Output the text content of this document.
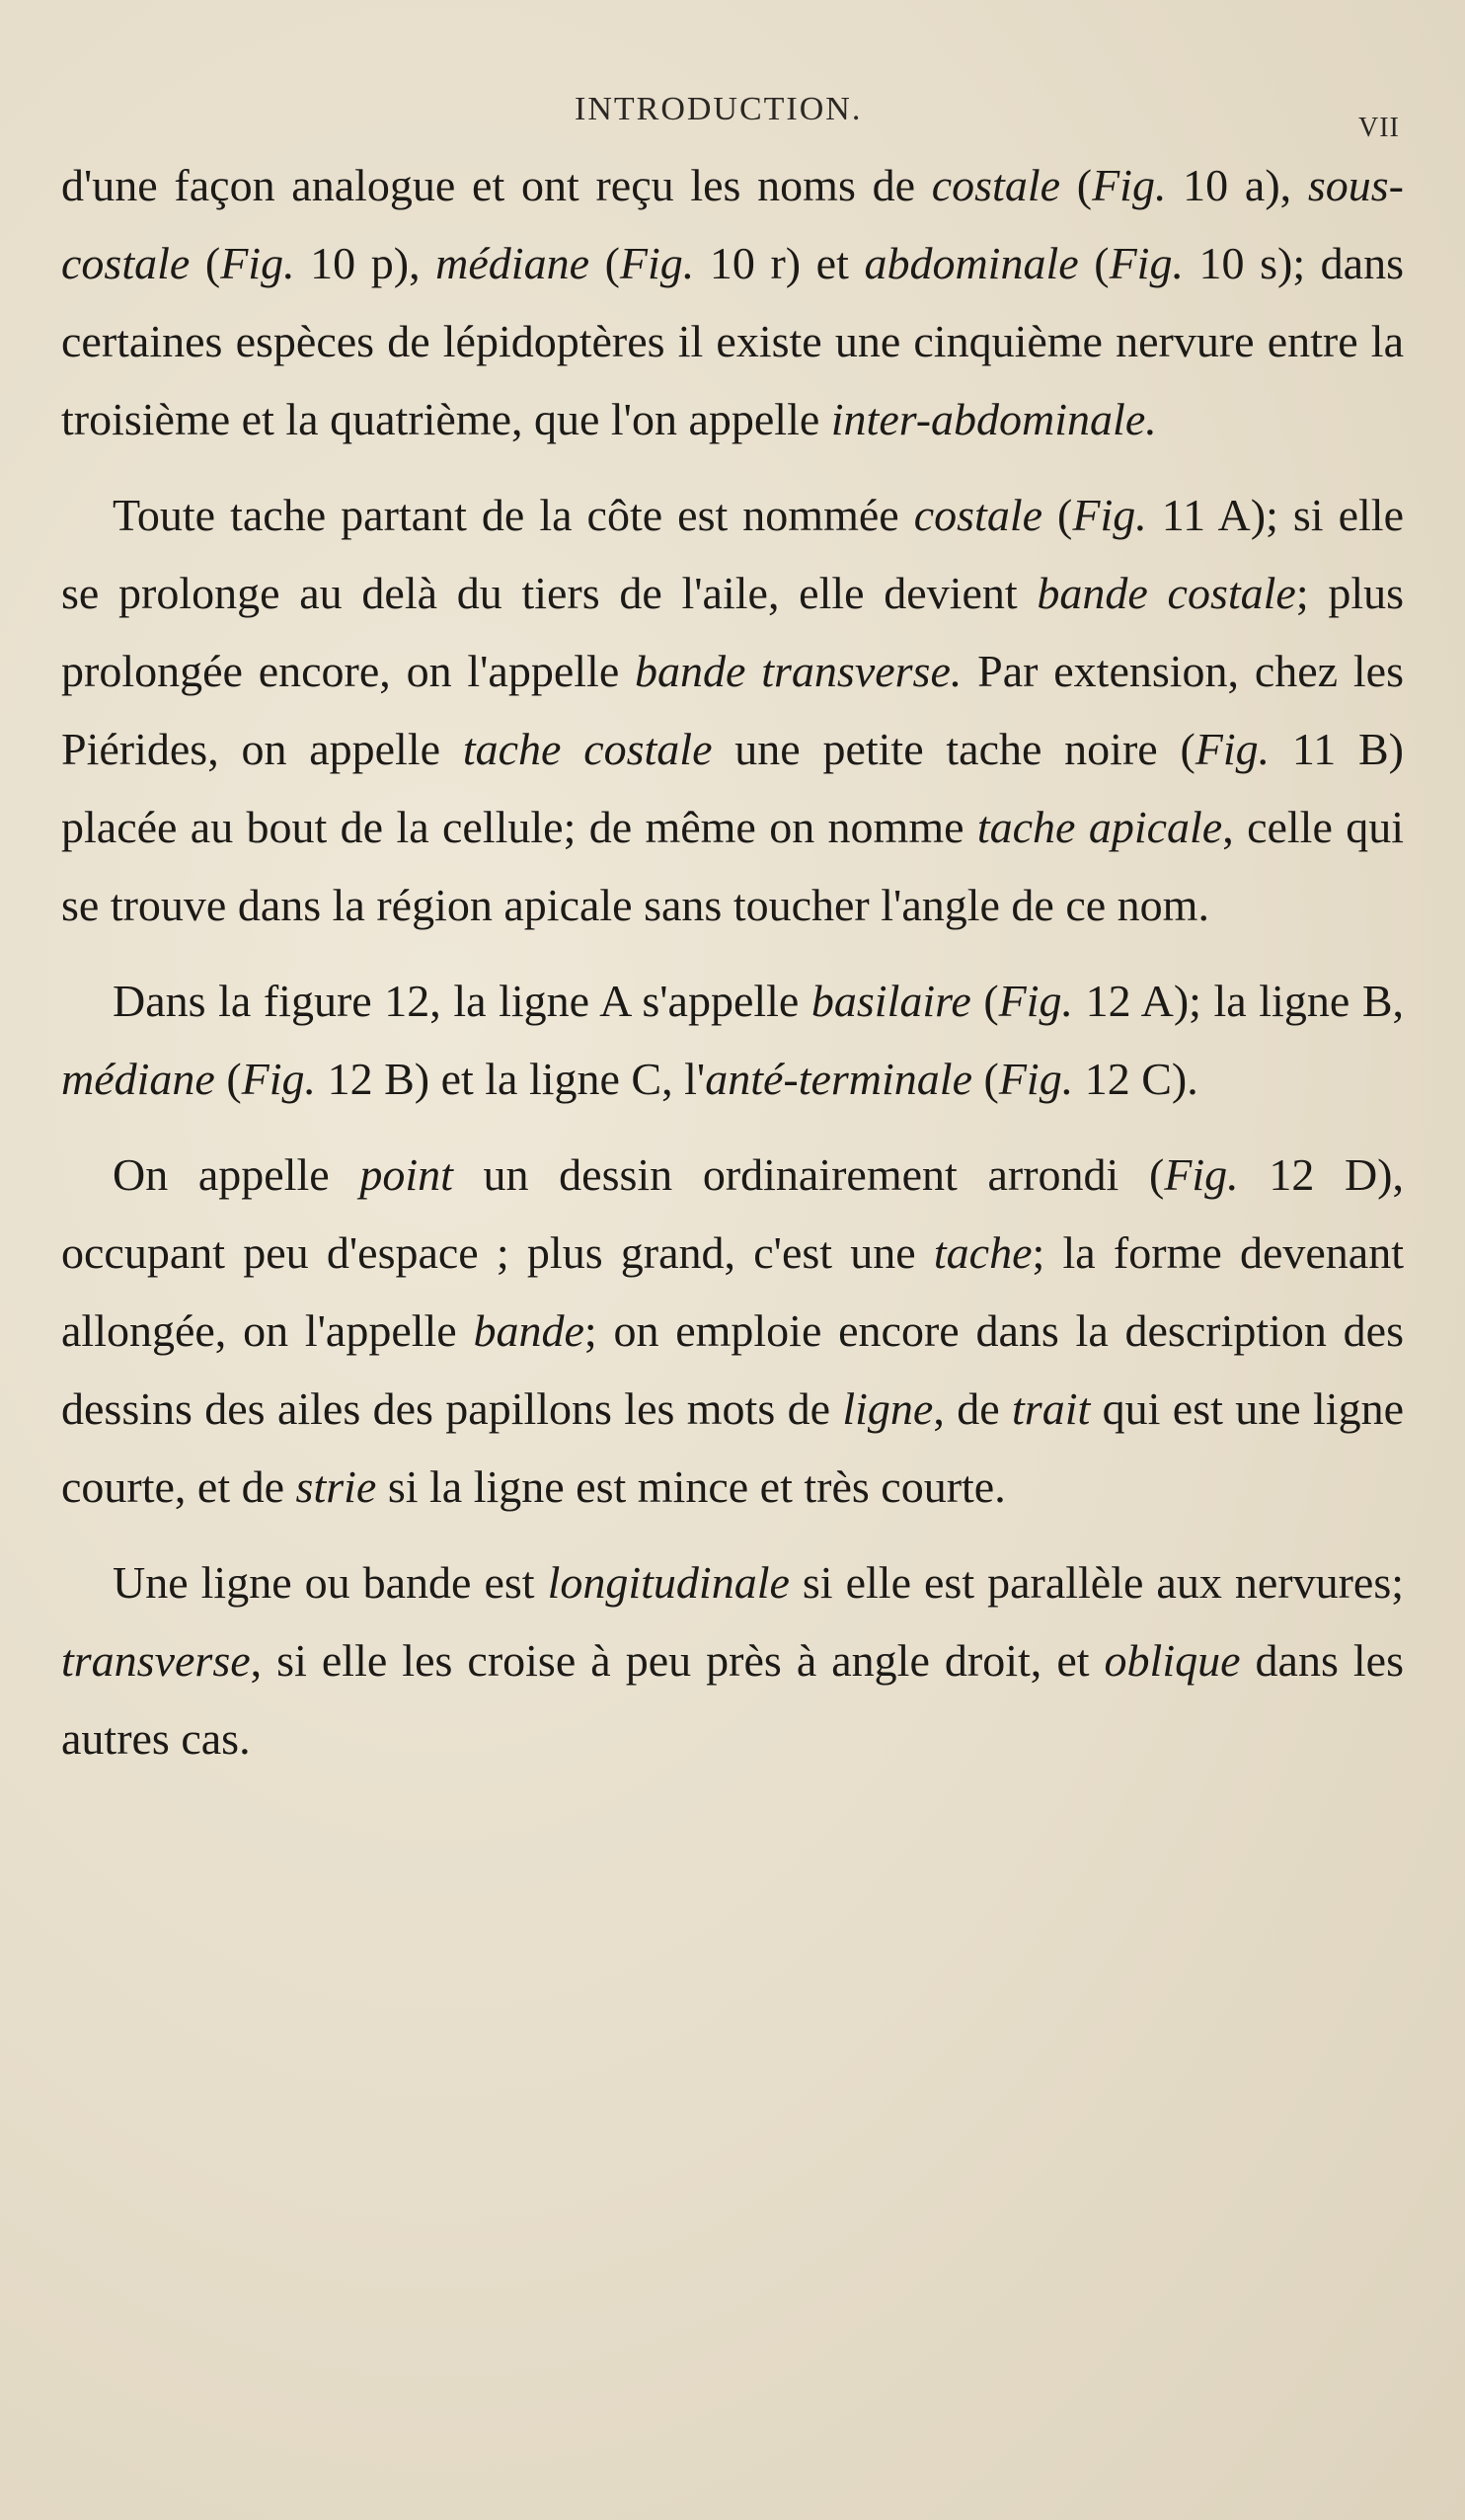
INTRODUCTION.
VII

d'une façon analogue et ont reçu les noms de costale (Fig. 10 a), sous-costale (Fig. 10 p), médiane (Fig. 10 r) et abdominale (Fig. 10 s); dans certaines espèces de lépidoptères il existe une cinquième nervure entre la troisième et la quatrième, que l'on appelle inter-abdominale.

Toute tache partant de la côte est nommée costale (Fig. 11 A); si elle se prolonge au delà du tiers de l'aile, elle devient bande costale; plus prolongée encore, on l'appelle bande transverse. Par extension, chez les Piérides, on appelle tache costale une petite tache noire (Fig. 11 B) placée au bout de la cellule; de même on nomme tache apicale, celle qui se trouve dans la région apicale sans toucher l'angle de ce nom.

Dans la figure 12, la ligne A s'appelle basilaire (Fig. 12 A); la ligne B, médiane (Fig. 12 B) et la ligne C, l'anté-terminale (Fig. 12 C).

On appelle point un dessin ordinairement arrondi (Fig. 12 D), occupant peu d'espace ; plus grand, c'est une tache; la forme devenant allongée, on l'appelle bande; on emploie encore dans la description des dessins des ailes des papillons les mots de ligne, de trait qui est une ligne courte, et de strie si la ligne est mince et très courte.

Une ligne ou bande est longitudinale si elle est parallèle aux nervures; transverse, si elle les croise à peu près à angle droit, et oblique dans les autres cas.
